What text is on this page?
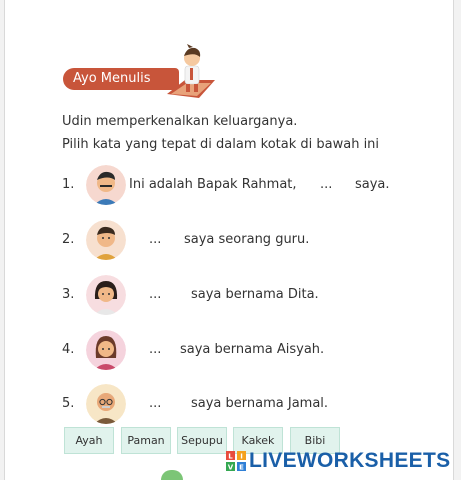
Ayo Menulis
Udin memperkenalkan keluarganya.
Pilih kata yang tepat di dalam kotak di bawah ini
1.	Ini adalah Bapak Rahmat, ... saya.
2.	... saya seorang guru.
3.	... saya bernama Dita.
4.	... saya bernama Aisyah.
5.	... saya bernama Jamal.
Ayah	Paman	Sepupu	Kakek	Bibi
L I
V E LIVEWORKSHEETS
